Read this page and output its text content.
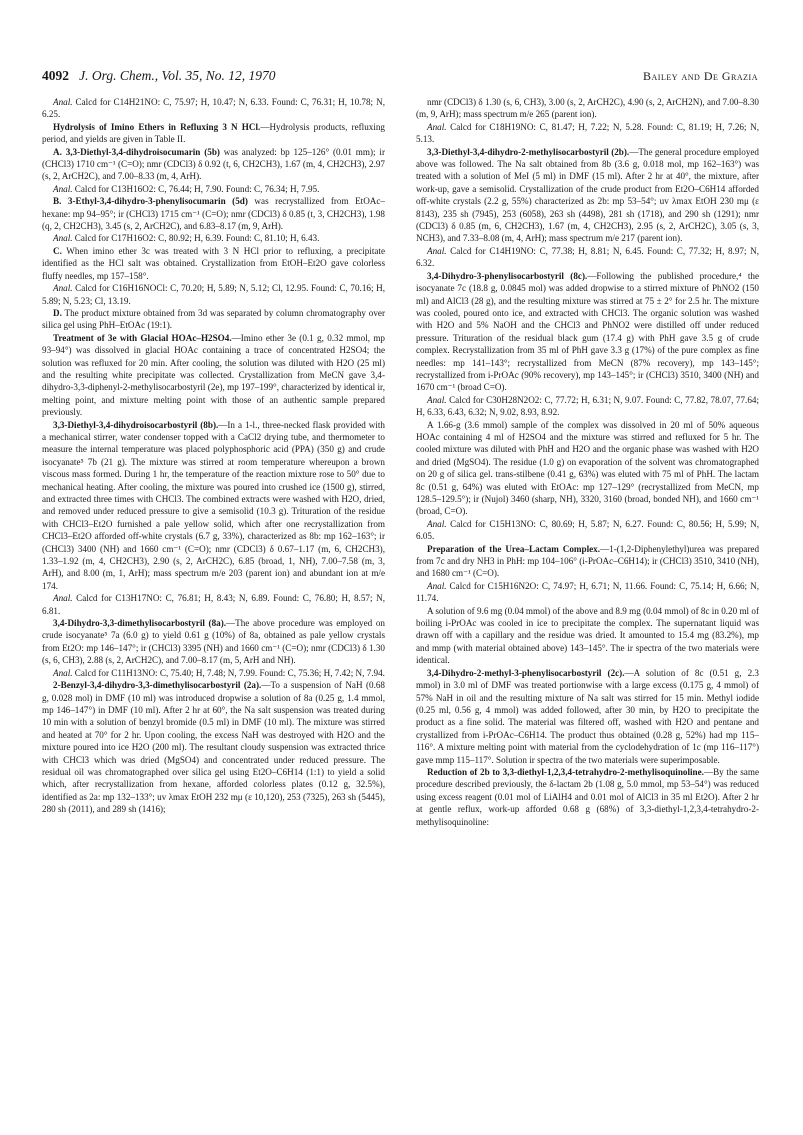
4092 J. Org. Chem., Vol. 35, No. 12, 1970	Bailey and De Grazia

Anal. Calcd for C14H21NO: C, 75.97; H, 10.47; N, 6.33. Found: C, 76.31; H, 10.78; N, 6.25.

Hydrolysis of Imino Ethers in Refluxing 3 N HCl.—Hydrolysis products, refluxing period, and yields are given in Table II.

A. 3,3-Diethyl-3,4-dihydroisocumarin (5b) was analyzed: bp 125–126° (0.01 mm); ir (CHCl3) 1710 cm⁻¹ (C=O); nmr (CDCl3) δ 0.92 (t, 6, CH2CH3), 1.67 (m, 4, CH2CH3), 2.97 (s, 2, ArCH2C), and 7.00–8.33 (m, 4, ArH).

Anal. Calcd for C13H16O2: C, 76.44; H, 7.90. Found: C, 76.34; H, 7.95.

B. 3-Ethyl-3,4-dihydro-3-phenylisocumarin (5d) was recrystallized from EtOAc–hexane: mp 94–95°; ir (CHCl3) 1715 cm⁻¹ (C=O); nmr (CDCl3) δ 0.85 (t, 3, CH2CH3), 1.98 (q, 2, CH2CH3), 3.45 (s, 2, ArCH2C), and 6.83–8.17 (m, 9, ArH).

Anal. Calcd for C17H16O2: C, 80.92; H, 6.39. Found: C, 81.10; H, 6.43.

C. When imino ether 3c was treated with 3 N HCl prior to refluxing, a precipitate identified as the HCl salt was obtained. Crystallization from EtOH–Et2O gave colorless fluffy needles, mp 157–158°.

Anal. Calcd for C16H16NOCl: C, 70.20; H, 5.89; N, 5.12; Cl, 12.95. Found: C, 70.16; H, 5.89; N, 5.23; Cl, 13.19.

D. The product mixture obtained from 3d was separated by column chromatography over silica gel using PhH–EtOAc (19:1).

Treatment of 3e with Glacial HOAc–H2SO4.—Imino ether 3e (0.1 g, 0.32 mmol, mp 93–94°) was dissolved in glacial HOAc containing a trace of concentrated H2SO4; the solution was refluxed for 20 min. After cooling, the solution was diluted with H2O (25 ml) and the resulting white precipitate was collected. Crystallization from MeCN gave 3,4-dihydro-3,3-diphenyl-2-methylisocarbostyril (2e), mp 197–199°, characterized by identical ir, melting point, and mixture melting point with those of an authentic sample prepared previously.

3,3-Diethyl-3,4-dihydroisocarbostyril (8b).—In a 1-l., three-necked flask provided with a mechanical stirrer, water condenser topped with a CaCl2 drying tube, and thermometer to measure the internal temperature was placed polyphosphoric acid (PPA) (350 g) and crude isocyanate⁵ 7b (21 g). The mixture was stirred at room temperature whereupon a brown viscous mass formed. During 1 hr, the temperature of the reaction mixture rose to 50° due to mechanical heating. After cooling, the mixture was poured into crushed ice (1500 g), stirred, and extracted three times with CHCl3. The combined extracts were washed with H2O, dried, and removed under reduced pressure to give a semisolid (10.3 g). Trituration of the residue with CHCl3–Et2O furnished a pale yellow solid, which after one recrystallization from CHCl3–Et2O afforded off-white crystals (6.7 g, 33%), characterized as 8b: mp 162–163°; ir (CHCl3) 3400 (NH) and 1660 cm⁻¹ (C=O); nmr (CDCl3) δ 0.67–1.17 (m, 6, CH2CH3), 1.33–1.92 (m, 4, CH2CH3), 2.90 (s, 2, ArCH2C), 6.85 (broad, 1, NH), 7.00–7.58 (m, 3, ArH), and 8.00 (m, 1, ArH); mass spectrum m/e 203 (parent ion) and abundant ion at m/e 174.

Anal. Calcd for C13H17NO: C, 76.81; H, 8.43; N, 6.89. Found: C, 76.80; H, 8.57; N, 6.81.

3,4-Dihydro-3,3-dimethylisocarbostyril (8a).—The above procedure was employed on crude isocyanate⁵ 7a (6.0 g) to yield 0.61 g (10%) of 8a, obtained as pale yellow crystals from Et2O: mp 146–147°; ir (CHCl3) 3395 (NH) and 1660 cm⁻¹ (C=O); nmr (CDCl3) δ 1.30 (s, 6, CH3), 2.88 (s, 2, ArCH2C), and 7.00–8.17 (m, 5, ArH and NH).

Anal. Calcd for C11H13NO: C, 75.40; H, 7.48; N, 7.99. Found: C, 75.36; H, 7.42; N, 7.94.

2-Benzyl-3,4-dihydro-3,3-dimethylisocarbostyril (2a).—To a suspension of NaH (0.68 g, 0.028 mol) in DMF (10 ml) was introduced dropwise a solution of 8a (0.25 g, 1.4 mmol, mp 146–147°) in DMF (10 ml). After 2 hr at 60°, the Na salt suspension was treated during 10 min with a solution of benzyl bromide (0.5 ml) in DMF (10 ml). The mixture was stirred and heated at 70° for 2 hr. Upon cooling, the excess NaH was destroyed with H2O and the mixture poured into ice H2O (200 ml). The resultant cloudy suspension was extracted thrice with CHCl3 which was dried (MgSO4) and concentrated under reduced pressure. The residual oil was chromatographed over silica gel using Et2O–C6H14 (1:1) to yield a solid which, after recrystallization from hexane, afforded colorless plates (0.12 g, 32.5%), identified as 2a: mp 132–133°; uv λmax EtOH 232 mμ (ε 10,120), 253 (7325), 263 sh (5445), 280 sh (2011), and 289 sh (1416);

nmr (CDCl3) δ 1.30 (s, 6, CH3), 3.00 (s, 2, ArCH2C), 4.90 (s, 2, ArCH2N), and 7.00–8.30 (m, 9, ArH); mass spectrum m/e 265 (parent ion).

Anal. Calcd for C18H19NO: C, 81.47; H, 7.22; N, 5.28. Found: C, 81.19; H, 7.26; N, 5.13.

3,3-Diethyl-3,4-dihydro-2-methylisocarbostyril (2b).—The general procedure employed above was followed. The Na salt obtained from 8b (3.6 g, 0.018 mol, mp 162–163°) was treated with a solution of MeI (5 ml) in DMF (15 ml). After 2 hr at 40°, the mixture, after work-up, gave a semisolid. Crystallization of the crude product from Et2O–C6H14 afforded off-white crystals (2.2 g, 55%) characterized as 2b: mp 53–54°; uv λmax EtOH 230 mμ (ε 8143), 235 sh (7945), 253 (6058), 263 sh (4498), 281 sh (1718), and 290 sh (1291); nmr (CDCl3) δ 0.85 (m, 6, CH2CH3), 1.67 (m, 4, CH2CH3), 2.95 (s, 2, ArCH2C), 3.05 (s, 3, NCH3), and 7.33–8.08 (m, 4, ArH); mass spectrum m/e 217 (parent ion).

Anal. Calcd for C14H19NO: C, 77.38; H, 8.81; N, 6.45. Found: C, 77.32; H, 8.97; N, 6.32.

3,4-Dihydro-3-phenylisocarbostyril (8c).—Following the published procedure,⁴ the isocyanate 7c (18.8 g, 0.0845 mol) was added dropwise to a stirred mixture of PhNO2 (150 ml) and AlCl3 (28 g), and the resulting mixture was stirred at 75 ± 2° for 2.5 hr. The mixture was cooled, poured onto ice, and extracted with CHCl3. The organic solution was washed with H2O and 5% NaOH and the CHCl3 and PhNO2 were distilled off under reduced pressure. Trituration of the residual black gum (17.4 g) with PhH gave 3.5 g of crude complex. Recrystallization from 35 ml of PhH gave 3.3 g (17%) of the pure complex as fine needles: mp 141–143°; recrystallized from MeCN (87% recovery), mp 143–145°; recrystallized from i-PrOAc (90% recovery), mp 143–145°; ir (CHCl3) 3510, 3400 (NH) and 1670 cm⁻¹ (broad C=O).

Anal. Calcd for C30H28N2O2: C, 77.72; H, 6.31; N, 9.07. Found: C, 77.82, 78.07, 77.64; H, 6.33, 6.43, 6.32; N, 9.02, 8.93, 8.92.

A 1.66-g (3.6 mmol) sample of the complex was dissolved in 20 ml of 50% aqueous HOAc containing 4 ml of H2SO4 and the mixture was stirred and refluxed for 5 hr. The cooled mixture was diluted with PhH and H2O and the organic phase was washed with H2O and dried (MgSO4). The residue (1.0 g) on evaporation of the solvent was chromatographed on 20 g of silica gel. trans-stilbene (0.41 g, 63%) was eluted with 75 ml of PhH. The lactam 8c (0.51 g, 64%) was eluted with EtOAc: mp 127–129° (recrystallized from MeCN, mp 128.5–129.5°); ir (Nujol) 3460 (sharp, NH), 3320, 3160 (broad, bonded NH), and 1660 cm⁻¹ (broad, C=O).

Anal. Calcd for C15H13NO: C, 80.69; H, 5.87; N, 6.27. Found: C, 80.56; H, 5.99; N, 6.05.

Preparation of the Urea–Lactam Complex.—1-(1,2-Diphenylethyl)urea was prepared from 7c and dry NH3 in PhH: mp 104–106° (i-PrOAc–C6H14); ir (CHCl3) 3510, 3410 (NH), and 1680 cm⁻¹ (C=O).

Anal. Calcd for C15H16N2O: C, 74.97; H, 6.71; N, 11.66. Found: C, 75.14; H, 6.66; N, 11.74.

A solution of 9.6 mg (0.04 mmol) of the above and 8.9 mg (0.04 mmol) of 8c in 0.20 ml of boiling i-PrOAc was cooled in ice to precipitate the complex. The supernatant liquid was drawn off with a capillary and the residue was dried. It amounted to 15.4 mg (83.2%), mp and mmp (with material obtained above) 143–145°. The ir spectra of the two materials were identical.

3,4-Dihydro-2-methyl-3-phenylisocarbostyril (2c).—A solution of 8c (0.51 g, 2.3 mmol) in 3.0 ml of DMF was treated portionwise with a large excess (0.175 g, 4 mmol) of 57% NaH in oil and the resulting mixture of Na salt was stirred for 15 min. Methyl iodide (0.25 ml, 0.56 g, 4 mmol) was added followed, after 30 min, by H2O to precipitate the product as a fine solid. The material was filtered off, washed with H2O and pentane and crystallized from i-PrOAc–C6H14. The product thus obtained (0.28 g, 52%) had mp 115–116°. A mixture melting point with material from the cyclodehydration of 1c (mp 116–117°) gave mmp 115–117°. Solution ir spectra of the two materials were superimposable.

Reduction of 2b to 3,3-diethyl-1,2,3,4-tetrahydro-2-methylisoquinoline.—By the same procedure described previously, the δ-lactam 2b (1.08 g, 5.0 mmol, mp 53–54°) was reduced using excess reagent (0.01 mol of LiAlH4 and 0.01 mol of AlCl3 in 35 ml Et2O). After 2 hr at gentle reflux, work-up afforded 0.68 g (68%) of 3,3-diethyl-1,2,3,4-tetrahydro-2-methylisoquinoline:
